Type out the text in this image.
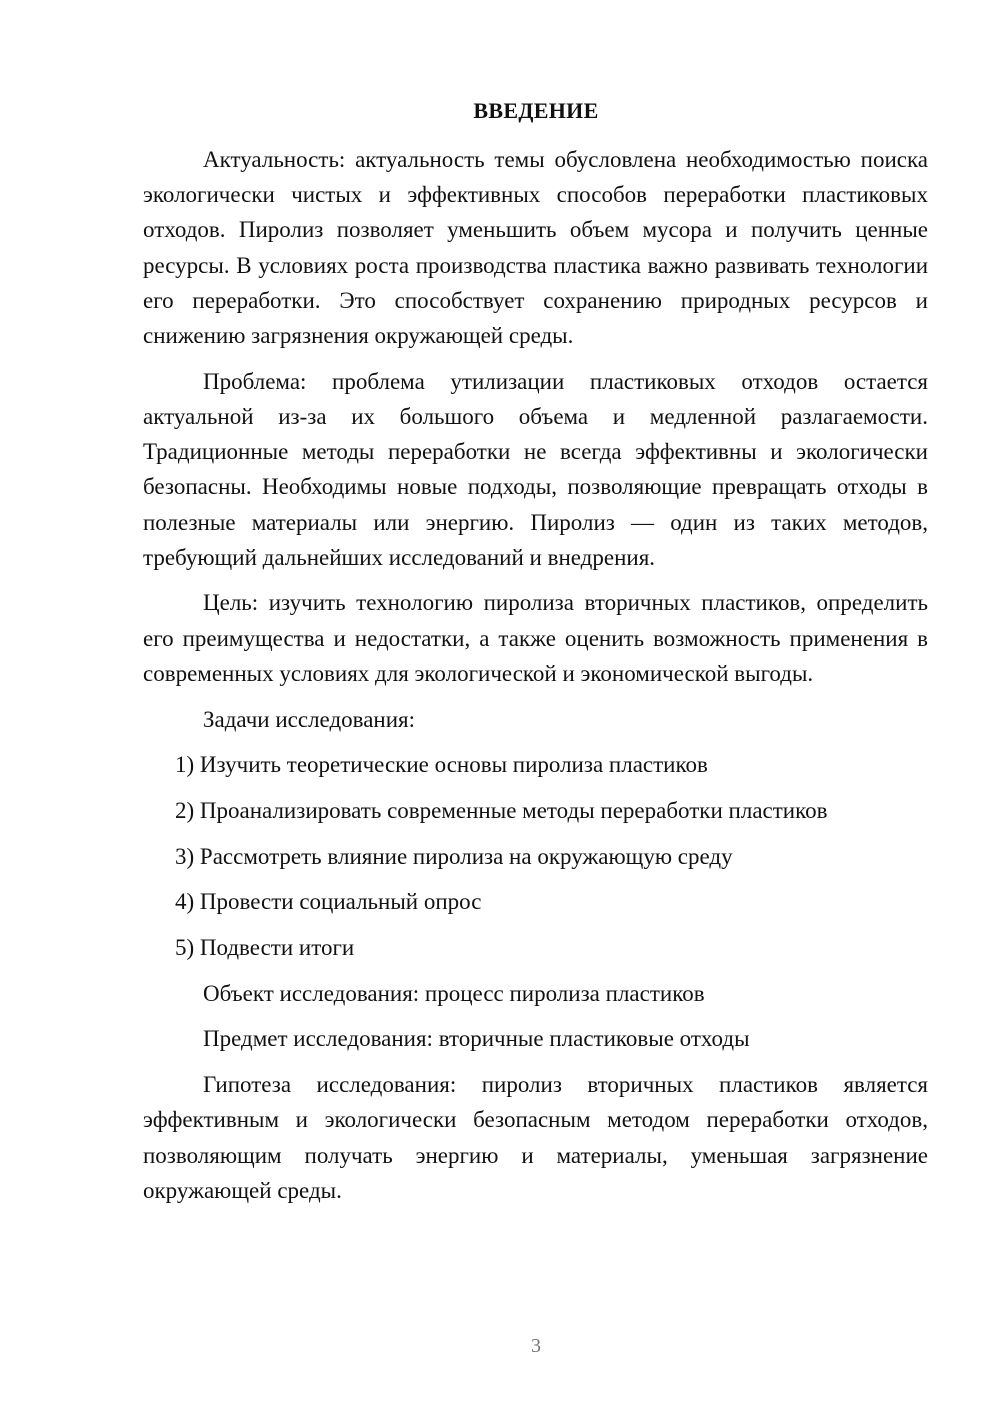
ВВЕДЕНИЕ

Актуальность: актуальность темы обусловлена необходимостью поиска экологически чистых и эффективных способов переработки пластиковых отходов. Пиролиз позволяет уменьшить объем мусора и получить ценные ресурсы. В условиях роста производства пластика важно развивать технологии его переработки. Это способствует сохранению природных ресурсов и снижению загрязнения окружающей среды.

Проблема: проблема утилизации пластиковых отходов остается актуальной из-за их большого объема и медленной разлагаемости. Традиционные методы переработки не всегда эффективны и экологически безопасны. Необходимы новые подходы, позволяющие превращать отходы в полезные материалы или энергию. Пиролиз — один из таких методов, требующий дальнейших исследований и внедрения.

Цель: изучить технологию пиролиза вторичных пластиков, определить его преимущества и недостатки, а также оценить возможность применения в современных условиях для экологической и экономической выгоды.

Задачи исследования:

1) Изучить теоретические основы пиролиза пластиков

2) Проанализировать современные методы переработки пластиков

3) Рассмотреть влияние пиролиза на окружающую среду

4) Провести социальный опрос

5) Подвести итоги

Объект исследования: процесс пиролиза пластиков

Предмет исследования: вторичные пластиковые отходы

Гипотеза исследования: пиролиз вторичных пластиков является эффективным и экологически безопасным методом переработки отходов, позволяющим получать энергию и материалы, уменьшая загрязнение окружающей среды.

3
